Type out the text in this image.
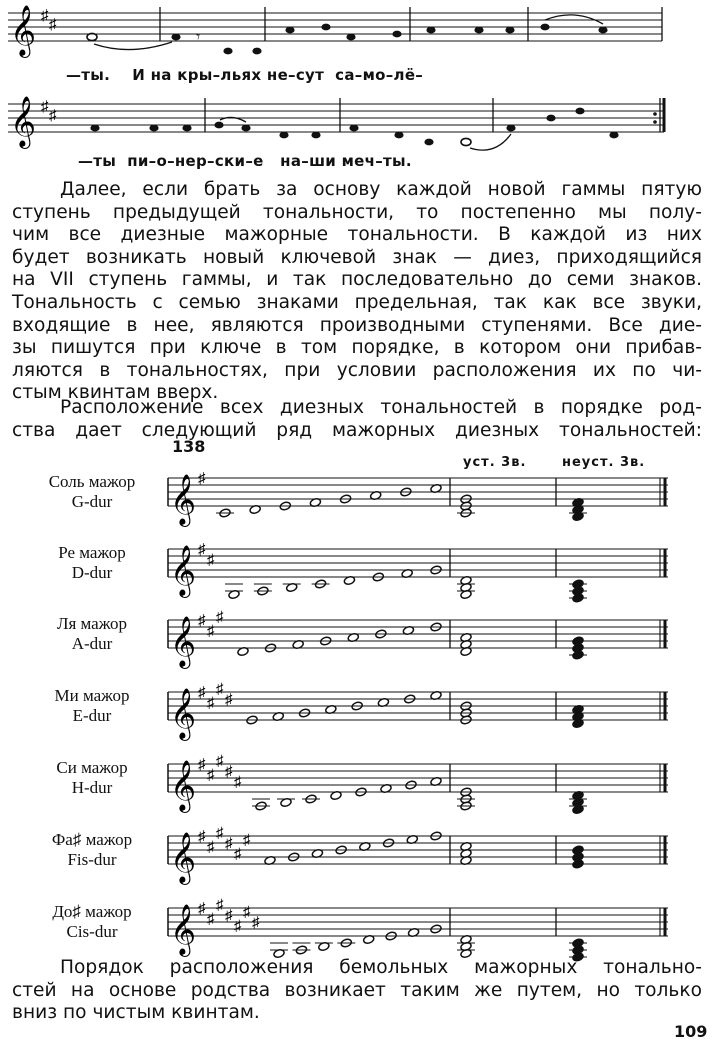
𝄞 ♯
♯
𝄾
—ты.    И на кры–льях не–сут  са–мо–лё–
𝄞 ♯
♯
—ты  пи–о–нер–ски–е   на–ши меч–ты.
Далее, если брать за основу каждой новой гаммы пятую
ступень предыдущей тональности, то постепенно мы полу-
чим все диезные мажорные тональности. В каждой из них
будет возникать новый ключевой знак — диез, приходящийся
на VII ступень гаммы, и так последовательно до семи знаков.
Тональность с семью знаками предельная, так как все звуки,
входящие в нее, являются производными ступенями. Все дие-
зы пишутся при ключе в том порядке, в котором они прибав-
ляются в тональностях, при условии расположения их по чи-
стым квинтам вверх.
Расположение всех диезных тональностей в порядке род-
ства дает следующий ряд мажорных диезных тональностей:
138
уст. 3в.	неуст. 3в.
Соль мажор
G-dur	𝄞 ♯
Ре мажор
D-dur	𝄞 ♯
♯
Ля мажор
A-dur	𝄞 ♯
♯
♯
Ми мажор
E-dur	𝄞 ♯
♯
♯
♯
Си мажор
H-dur	𝄞 ♯
♯
♯
♯
♯
Фа♯ мажор
Fis-dur	𝄞 ♯
♯
♯
♯
♯
♯
До♯ мажор
Cis-dur	𝄞 ♯
♯
♯
♯
♯
♯
♯
Порядок расположения бемольных мажорных тонально-
стей на основе родства возникает таким же путем, но только
вниз по чистым квинтам.
109
